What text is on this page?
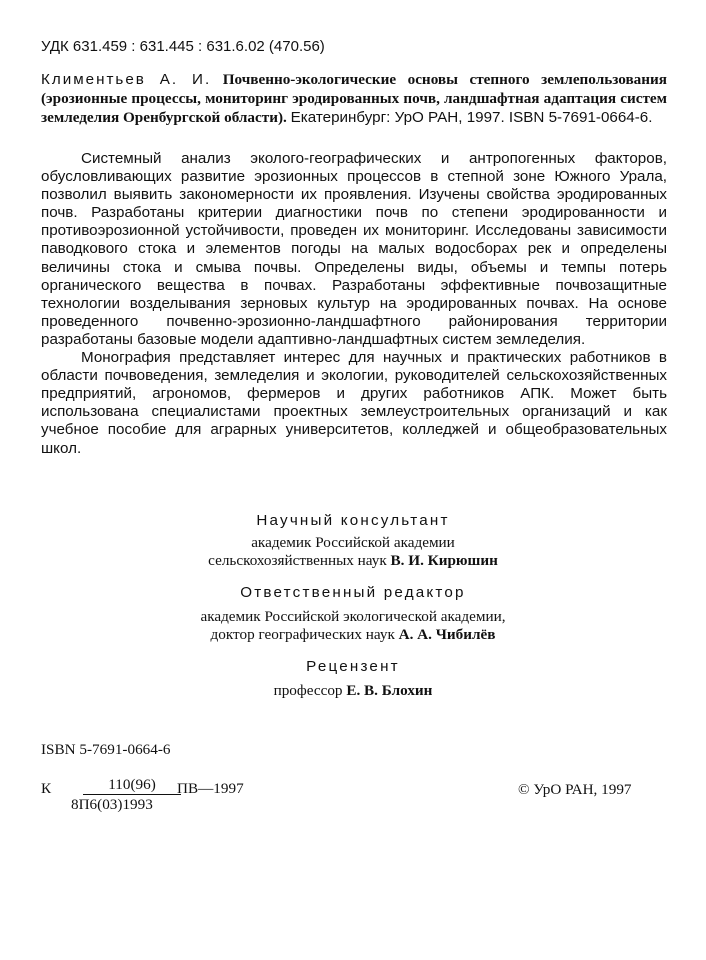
УДК 631.459 : 631.445 : 631.6.02 (470.56)
Климентьев А. И. Почвенно-экологические основы степного землепользования (эрозионные процессы, мониторинг эродированных почв, ландшафтная адаптация систем земледелия Оренбургской области). Екатеринбург: УрО РАН, 1997. ISBN 5-7691-0664-6.

Системный анализ эколого-географических и антропогенных факторов, обусловливающих развитие эрозионных процессов в степной зоне Южного Урала, позволил выявить закономерности их проявления. Изучены свойства эродированных почв. Разработаны критерии диагностики почв по степени эродированности и противоэрозионной устойчивости, проведен их мониторинг. Исследованы зависимости паводкового стока и элементов погоды на малых водосборах рек и определены величины стока и смыва почвы. Определены виды, объемы и темпы потерь органического вещества в почвах. Разработаны эффективные почвозащитные технологии возделывания зерновых культур на эродированных почвах. На основе проведенного почвенно-эрозионно-ландшафтного районирования территории разработаны базовые модели адаптивно-ландшафтных систем земледелия.

Монография представляет интерес для научных и практических работников в области почвоведения, земледелия и экологии, руководителей сельскохозяйственных предприятий, агрономов, фермеров и других работников АПК. Может быть использована специалистами проектных землеустроительных организаций и как учебное пособие для аграрных университетов, колледжей и общеобразовательных школ.

Научный консультант
академик Российской академии
сельскохозяйственных наук В. И. Кирюшин
Ответственный редактор
академик Российской экологической академии,
доктор географических наук А. А. Чибилёв
Рецензент
профессор Е. В. Блохин
ISBN 5-7691-0664-6
К	110(96)
8П6(03)1993
ПВ—1997	© УрО РАН, 1997
